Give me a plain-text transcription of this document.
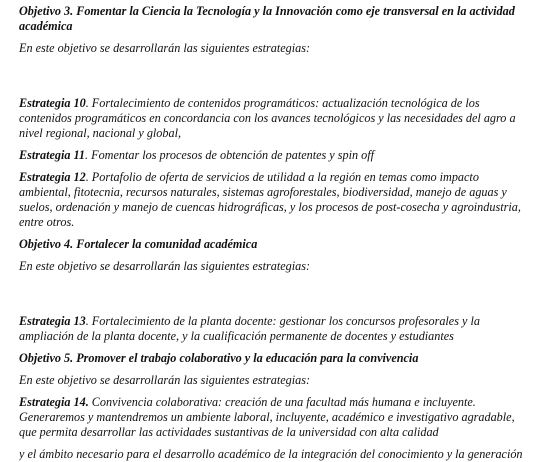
Objetivo 3. Fomentar la Ciencia la Tecnología y la Innovación como eje transversal en la actividad académica

En este objetivo se desarrollarán las siguientes estrategias:

Estrategia 10. Fortalecimiento de contenidos programáticos: actualización tecnológica de los contenidos programáticos en concordancia con los avances tecnológicos y las necesidades del agro a nivel regional, nacional y global,

Estrategia 11. Fomentar los procesos de obtención de patentes y spin off

Estrategia 12. Portafolio de oferta de servicios de utilidad a la región en temas como impacto ambiental, fitotecnia, recursos naturales, sistemas agroforestales, biodiversidad, manejo de aguas y suelos, ordenación y manejo de cuencas hidrográficas, y los procesos de post-cosecha y agroindustria, entre otros.

Objetivo 4. Fortalecer la comunidad académica

En este objetivo se desarrollarán las siguientes estrategias:

Estrategia 13. Fortalecimiento de la planta docente: gestionar los concursos profesorales y la ampliación de la planta docente, y la cualificación permanente de docentes y estudiantes

Objetivo 5. Promover el trabajo colaborativo y la educación para la convivencia

En este objetivo se desarrollarán las siguientes estrategias:

Estrategia 14. Convivencia colaborativa: creación de una facultad más humana e incluyente. Generaremos y mantendremos un ambiente laboral, incluyente, académico e investigativo agradable, que permita desarrollar las actividades sustantivas de la universidad con alta calidad

y el ámbito necesario para el desarrollo académico de la integración del conocimiento y la generación
